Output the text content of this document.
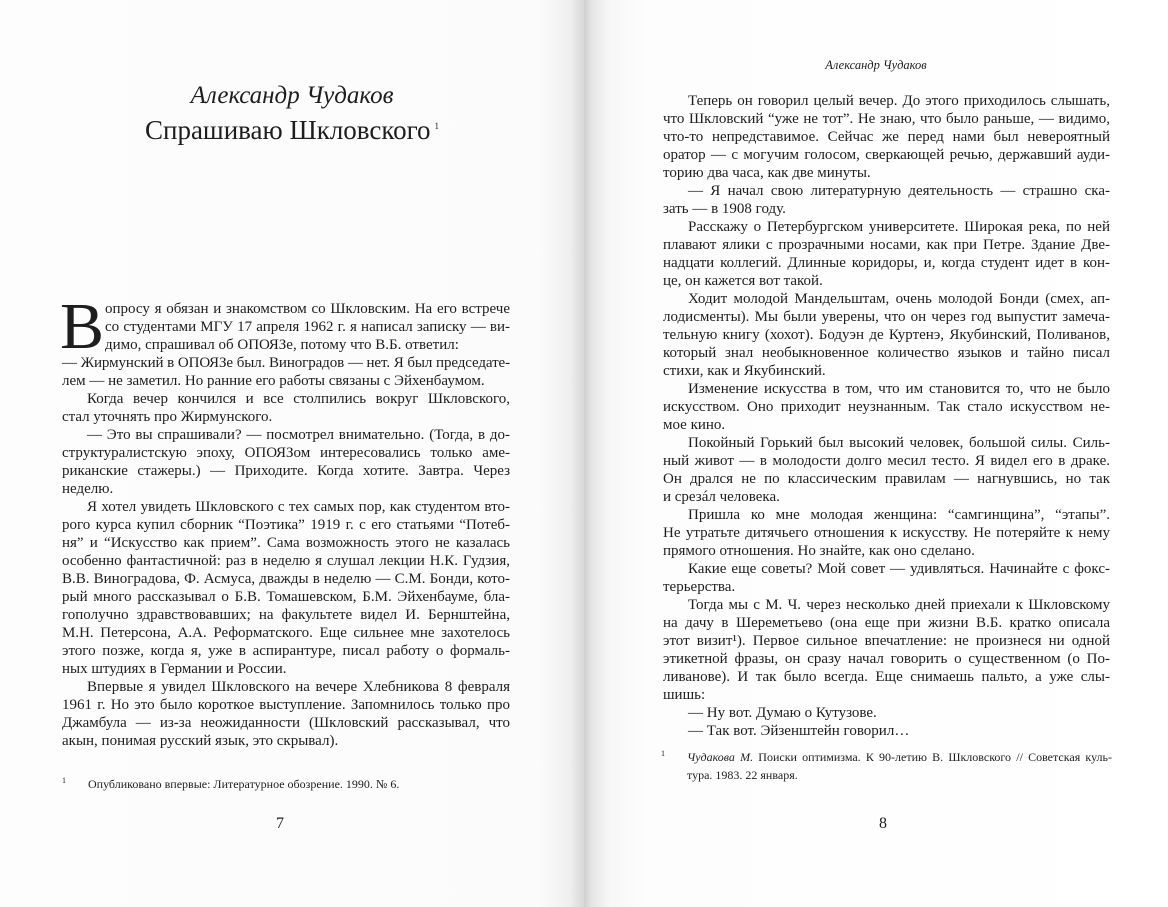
Александр Чудаков
Спрашиваю Шкловского $^1$
В опросу я обязан и знакомством со Шкловским. На его встрече
со студентами МГУ 17 апреля 1962 г. я написал записку — ви-
димо, спрашивал об ОПОЯЗе, потому что В.Б. ответил:
— Жирмунский в ОПОЯЗе был. Виноградов — нет. Я был председате-
лем — не заметил. Но ранние его работы связаны с Эйхенбаумом.
Когда вечер кончился и все столпились вокруг Шкловского,
стал уточнять про Жирмунского.
— Это вы спрашивали? — посмотрел внимательно. (Тогда, в до-
структуралистскую эпоху, ОПОЯЗом интересовались только аме-
риканские стажеры.) — Приходите. Когда хотите. Завтра. Через
неделю.
Я хотел увидеть Шкловского с тех самых пор, как студентом вто-
рого курса купил сборник “Поэтика” 1919 г. с его статьями “Потеб-
ня” и “Искусство как прием”. Сама возможность этого не казалась
особенно фантастичной: раз в неделю я слушал лекции Н.К. Гудзия,
В.В. Виноградова, Ф. Асмуса, дважды в неделю — С.М. Бонди, кото-
рый много рассказывал о Б.В. Томашевском, Б.М. Эйхенбауме, бла-
гополучно здравствовавших; на факультете видел И. Бернштейна,
М.Н. Петерсона, А.А. Реформатского. Еще сильнее мне захотелось
этого позже, когда я, уже в аспирантуре, писал работу о формаль-
ных штудиях в Германии и России.
Впервые я увидел Шкловского на вечере Хлебникова 8 февраля
1961 г. Но это было короткое выступление. Запомнилось только про
Джамбула — из-за неожиданности (Шкловский рассказывал, что
акын, понимая русский язык, это скрывал).
1 Опубликовано впервые: Литературное обозрение. 1990. № 6.
7
Александр Чудаков
Теперь он говорил целый вечер. До этого приходилось слышать,
что Шкловский “уже не тот”. Не знаю, что было раньше, — видимо,
что-то непредставимое. Сейчас же перед нами был невероятный
оратор — с могучим голосом, сверкающей речью, державший ауди-
торию два часа, как две минуты.
— Я начал свою литературную деятельность — страшно ска-
зать — в 1908 году.
Расскажу о Петербургском университете. Широкая река, по ней
плавают ялики с прозрачными носами, как при Петре. Здание Две-
надцати коллегий. Длинные коридоры, и, когда студент идет в кон-
це, он кажется вот такой.
Ходит молодой Мандельштам, очень молодой Бонди (смех, ап-
лодисменты). Мы были уверены, что он через год выпустит замеча-
тельную книгу (хохот). Бодуэн де Куртенэ, Якубинский, Поливанов,
который знал необыкновенное количество языков и тайно писал
стихи, как и Якубинский.
Изменение искусства в том, что им становится то, что не было
искусством. Оно приходит неузнанным. Так стало искусством не-
мое кино.
Покойный Горький был высокий человек, большой силы. Силь-
ный живот — в молодости долго месил тесто. Я видел его в драке.
Он дрался не по классическим правилам — нагнувшись, но так
и срезáл человека.
Пришла ко мне молодая женщина: “самгинщина”, “этапы”.
Не утратьте дитячьего отношения к искусству. Не потеряйте к нему
прямого отношения. Но знайте, как оно сделано.
Какие еще советы? Мой совет — удивляться. Начинайте с фокс-
терьерства.
Тогда мы с М. Ч. через несколько дней приехали к Шкловскому
на дачу в Шереметьево (она еще при жизни В.Б. кратко описала
этот визит¹). Первое сильное впечатление: не произнеся ни одной
этикетной фразы, он сразу начал говорить о существенном (о По-
ливанове). И так было всегда. Еще снимаешь пальто, а уже слы-
шишь:
— Ну вот. Думаю о Кутузове.
— Так вот. Эйзенштейн говорил…
1 Чудакова М. Поиски оптимизма. К 90-летию В. Шкловского // Советская куль-
тура. 1983. 22 января.
8
